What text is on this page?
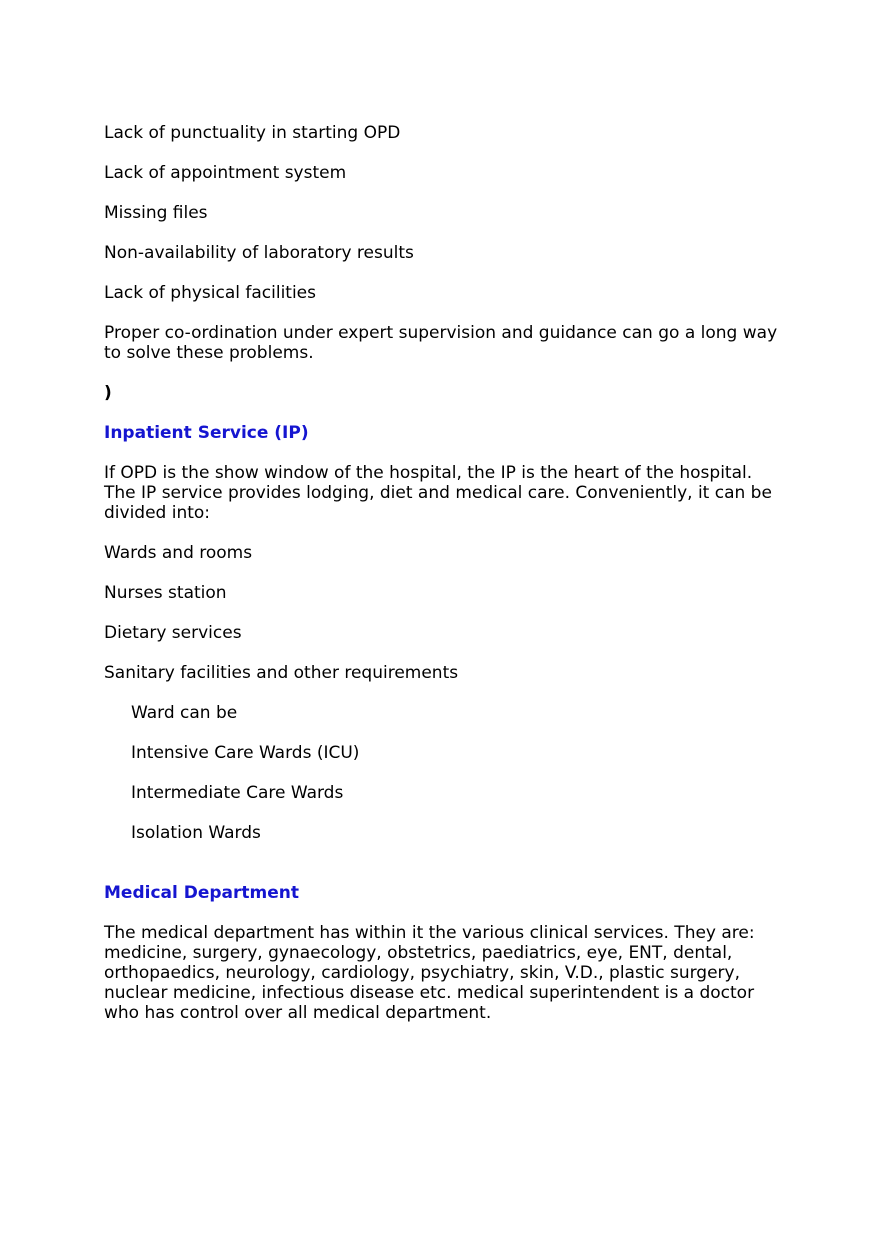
Lack of punctuality in starting OPD

Lack of appointment system

Missing files

Non-availability of laboratory results

Lack of physical facilities

Proper co-ordination under expert supervision and guidance can go a long way to solve these problems.

)

Inpatient Service (IP)

If OPD is the show window of the hospital, the IP is the heart of the hospital. The IP service provides lodging, diet and medical care. Conveniently, it can be divided into:

Wards and rooms

Nurses station

Dietary services

Sanitary facilities and other requirements

Ward can be

Intensive Care Wards (ICU)

Intermediate Care Wards

Isolation Wards

Medical Department

The medical department has within it the various clinical services. They are: medicine, surgery, gynaecology, obstetrics, paediatrics, eye, ENT, dental, orthopaedics, neurology, cardiology, psychiatry, skin, V.D., plastic surgery, nuclear medicine, infectious disease etc. medical superintendent is a doctor who has control over all medical department.
